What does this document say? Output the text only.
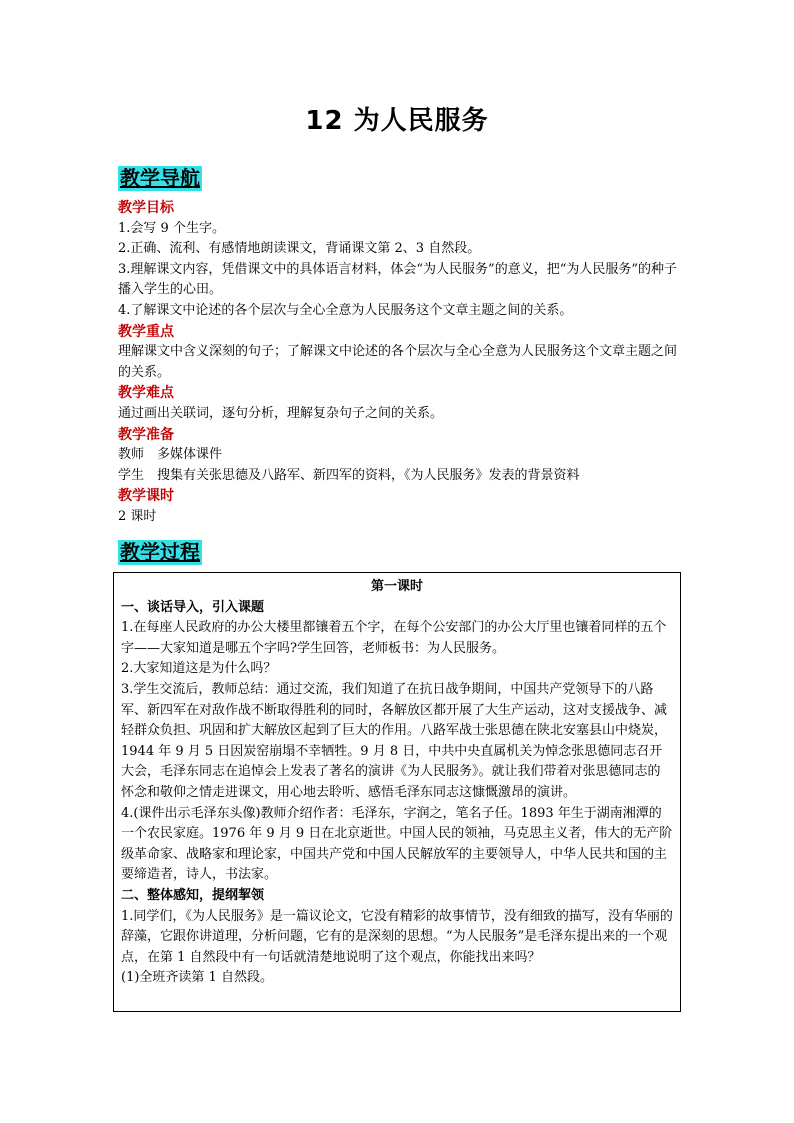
12 为人民服务
教学导航

教学目标

1.会写 9 个生字。

2.正确、流利、有感情地朗读课文，背诵课文第 2、3 自然段。

3.理解课文内容，凭借课文中的具体语言材料，体会“为人民服务”的意义，把“为人民服务”的种子播入学生的心田。

4.了解课文中论述的各个层次与全心全意为人民服务这个文章主题之间的关系。

教学重点

理解课文中含义深刻的句子；了解课文中论述的各个层次与全心全意为人民服务这个文章主题之间的关系。

教学难点

通过画出关联词，逐句分析，理解复杂句子之间的关系。

教学准备

教师　多媒体课件

学生　搜集有关张思德及八路军、新四军的资料，《为人民服务》发表的背景资料

教学课时

2 课时

教学过程

第一课时

一、谈话导入，引入课题

1.在每座人民政府的办公大楼里都镶着五个字，在每个公安部门的办公大厅里也镶着同样的五个字——大家知道是哪五个字吗?学生回答，老师板书：为人民服务。

2.大家知道这是为什么吗？

3.学生交流后，教师总结：通过交流，我们知道了在抗日战争期间，中国共产党领导下的八路军、新四军在对敌作战不断取得胜利的同时，各解放区都开展了大生产运动，这对支援战争、减轻群众负担、巩固和扩大解放区起到了巨大的作用。八路军战士张思德在陕北安塞县山中烧炭，1944 年 9 月 5 日因炭窑崩塌不幸牺牲。9 月 8 日，中共中央直属机关为悼念张思德同志召开大会，毛泽东同志在追悼会上发表了著名的演讲《为人民服务》。就让我们带着对张思德同志的怀念和敬仰之情走进课文，用心地去聆听、感悟毛泽东同志这慷慨激昂的演讲。

4.(课件出示毛泽东头像)教师介绍作者：毛泽东，字润之，笔名子任。1893 年生于湖南湘潭的一个农民家庭。1976 年 9 月 9 日在北京逝世。中国人民的领袖，马克思主义者，伟大的无产阶级革命家、战略家和理论家，中国共产党和中国人民解放军的主要领导人，中华人民共和国的主要缔造者，诗人，书法家。

二、整体感知，提纲挈领

1.同学们，《为人民服务》是一篇议论文，它没有精彩的故事情节，没有细致的描写，没有华丽的辞藻，它跟你讲道理，分析问题，它有的是深刻的思想。“为人民服务”是毛泽东提出来的一个观点，在第 1 自然段中有一句话就清楚地说明了这个观点，你能找出来吗？

(1)全班齐读第 1 自然段。
